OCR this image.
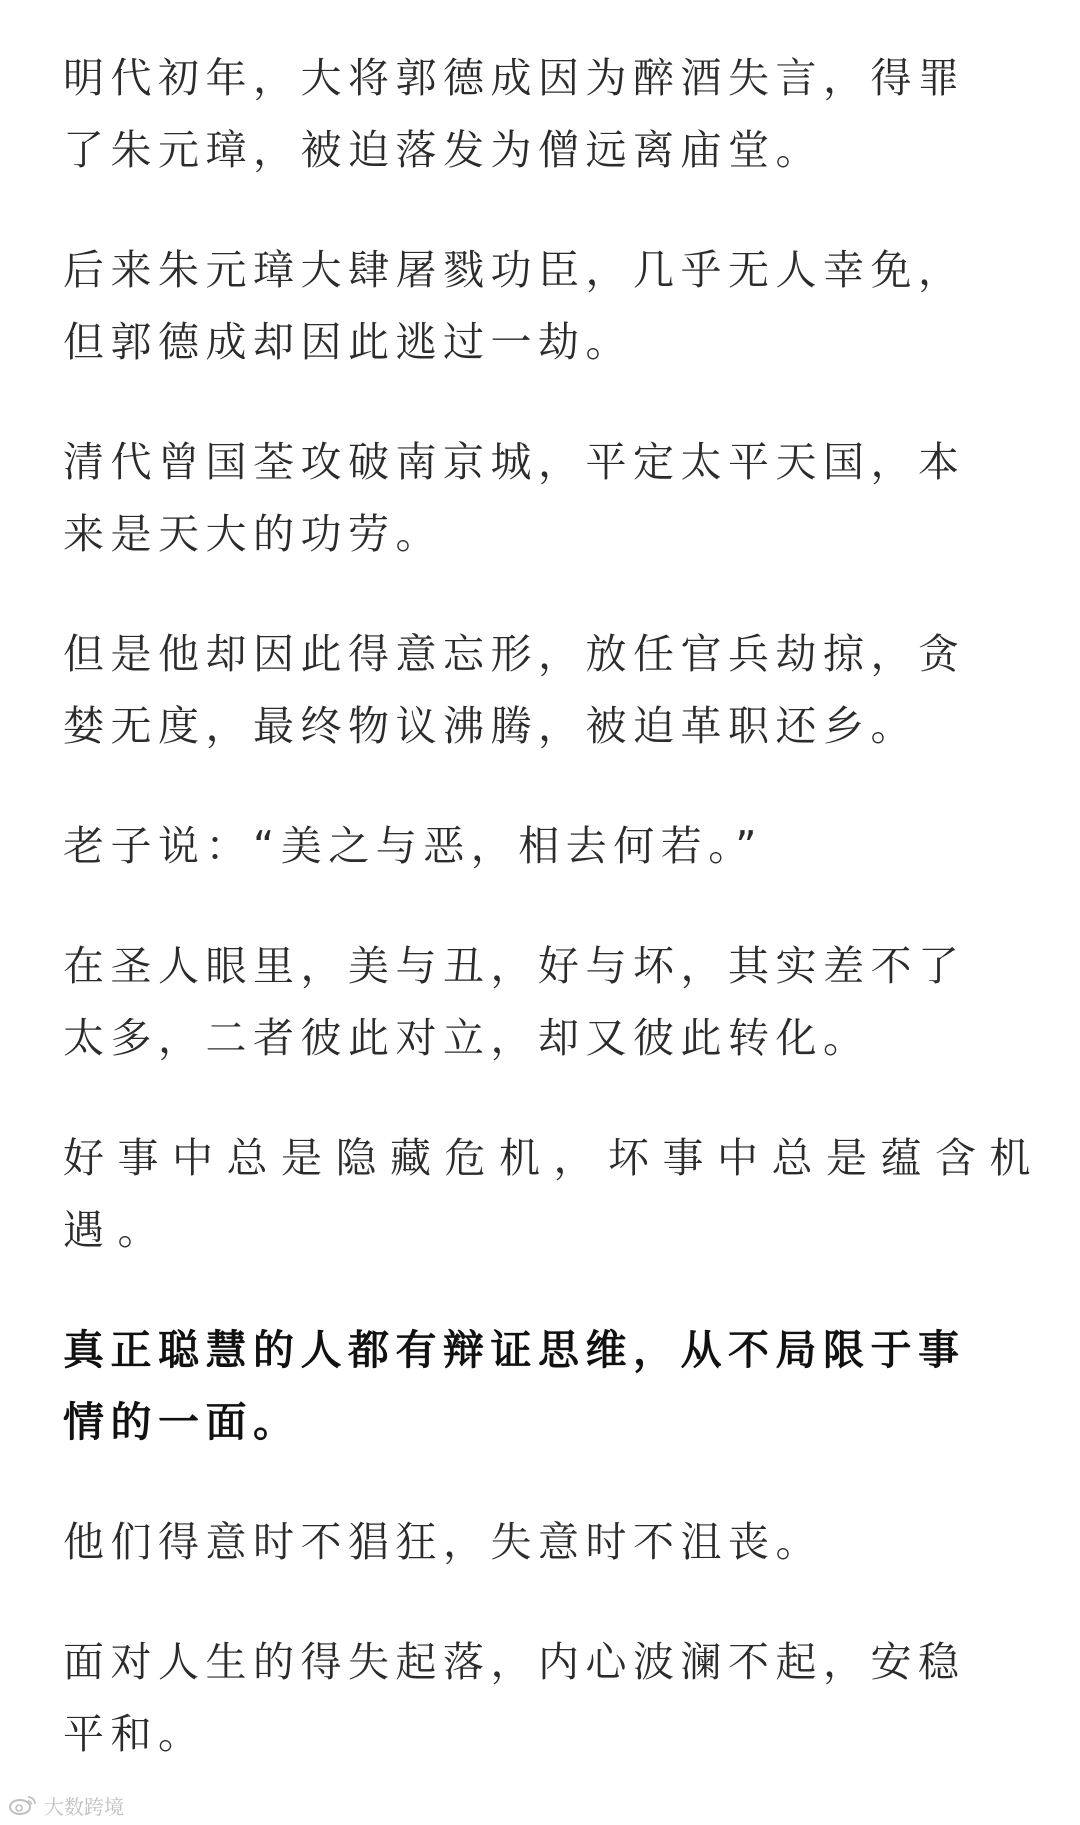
明代初年，大将郭德成因为醉酒失言，得罪
了朱元璋，被迫落发为僧远离庙堂。

后来朱元璋大肆屠戮功臣，几乎无人幸免，
但郭德成却因此逃过一劫。

清代曾国荃攻破南京城，平定太平天国，本
来是天大的功劳。

但是他却因此得意忘形，放任官兵劫掠，贪
婪无度，最终物议沸腾，被迫革职还乡。

老子说：“美之与恶，相去何若。”

在圣人眼里，美与丑，好与坏，其实差不了
太多，二者彼此对立，却又彼此转化。

好事中总是隐藏危机，坏事中总是蕴含机
遇。

真正聪慧的人都有辩证思维，从不局限于事
情的一面。

他们得意时不猖狂，失意时不沮丧。

面对人生的得失起落，内心波澜不起，安稳
平和。

大数跨境
